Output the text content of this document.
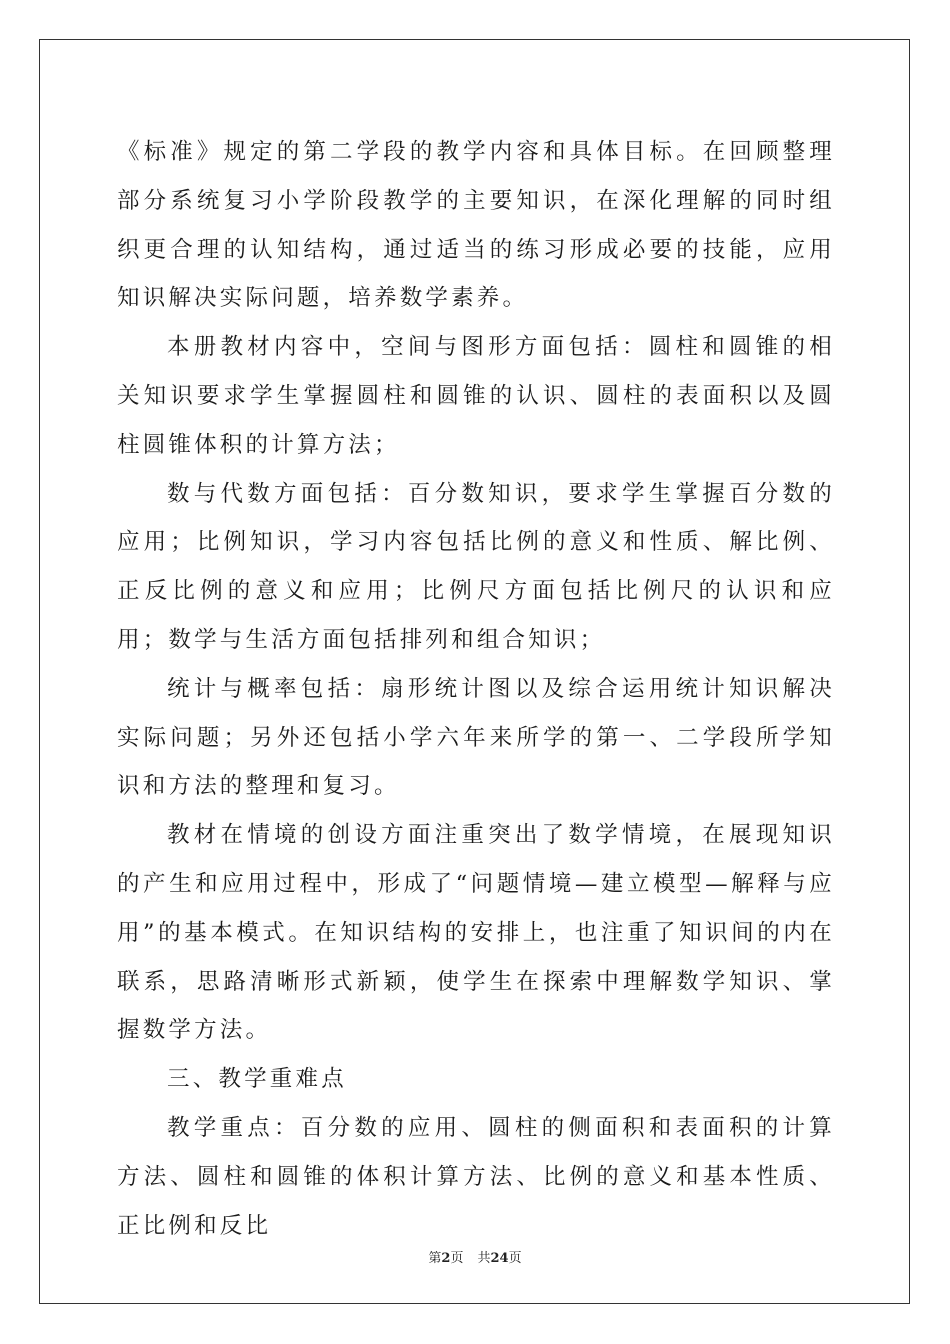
《标准》规定的第二学段的教学内容和具体目标。在回顾整理部分系统复习小学阶段教学的主要知识，在深化理解的同时组织更合理的认知结构，通过适当的练习形成必要的技能，应用知识解决实际问题，培养数学素养。

本册教材内容中，空间与图形方面包括：圆柱和圆锥的相关知识要求学生掌握圆柱和圆锥的认识、圆柱的表面积以及圆柱圆锥体积的计算方法；

数与代数方面包括：百分数知识，要求学生掌握百分数的应用；比例知识，学习内容包括比例的意义和性质、解比例、正反比例的意义和应用；比例尺方面包括比例尺的认识和应用；数学与生活方面包括排列和组合知识；

统计与概率包括：扇形统计图以及综合运用统计知识解决实际问题；另外还包括小学六年来所学的第一、二学段所学知识和方法的整理和复习。

教材在情境的创设方面注重突出了数学情境，在展现知识的产生和应用过程中，形成了“问题情境—建立模型—解释与应用”的基本模式。在知识结构的安排上，也注重了知识间的内在联系，思路清晰形式新颖，使学生在探索中理解数学知识、掌握数学方法。

三、教学重难点

教学重点：百分数的应用、圆柱的侧面积和表面积的计算方法、圆柱和圆锥的体积计算方法、比例的意义和基本性质、正比例和反比

第2页 共24页
